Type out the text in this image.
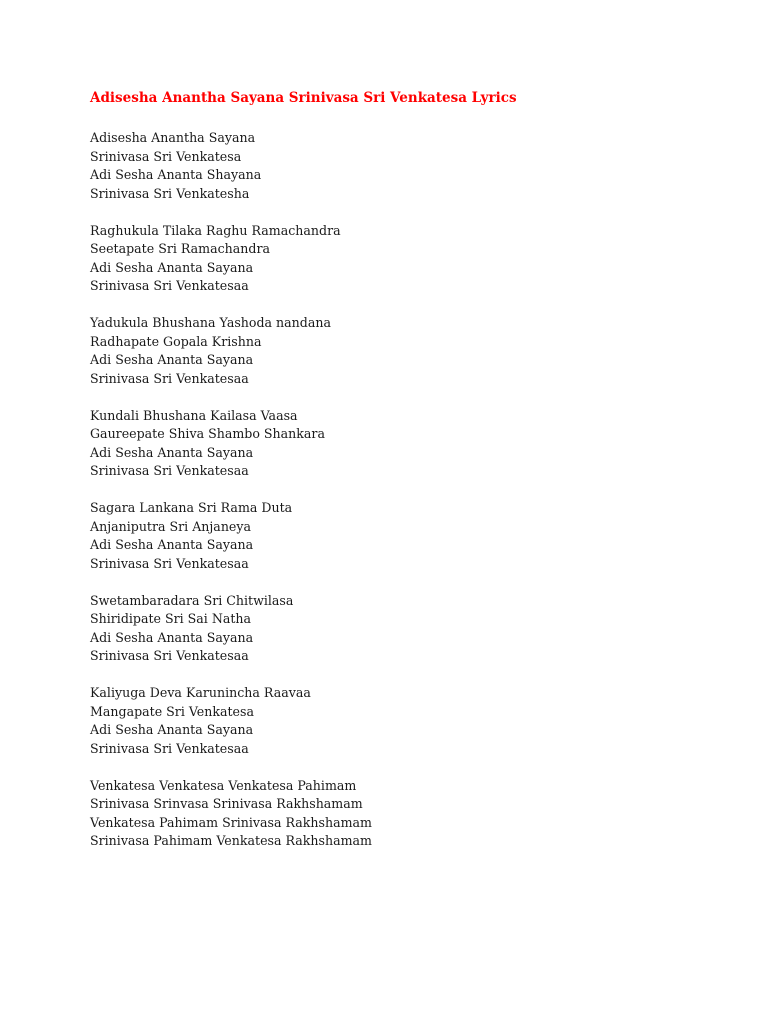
Adisesha Anantha Sayana Srinivasa Sri Venkatesa Lyrics
Adisesha Anantha Sayana
Srinivasa Sri Venkatesa
Adi Sesha Ananta Shayana
Srinivasa Sri Venkatesha
Raghukula Tilaka Raghu Ramachandra
Seetapate Sri Ramachandra
Adi Sesha Ananta Sayana
Srinivasa Sri Venkatesaa
Yadukula Bhushana Yashoda nandana
Radhapate Gopala Krishna
Adi Sesha Ananta Sayana
Srinivasa Sri Venkatesaa
Kundali Bhushana Kailasa Vaasa
Gaureepate Shiva Shambo Shankara
Adi Sesha Ananta Sayana
Srinivasa Sri Venkatesaa
Sagara Lankana Sri Rama Duta
Anjaniputra Sri Anjaneya
Adi Sesha Ananta Sayana
Srinivasa Sri Venkatesaa
Swetambaradara Sri Chitwilasa
Shiridipate Sri Sai Natha
Adi Sesha Ananta Sayana
Srinivasa Sri Venkatesaa
Kaliyuga Deva Karunincha Raavaa
Mangapate Sri Venkatesa
Adi Sesha Ananta Sayana
Srinivasa Sri Venkatesaa
Venkatesa Venkatesa Venkatesa Pahimam
Srinivasa Srinvasa Srinivasa Rakhshamam
Venkatesa Pahimam Srinivasa Rakhshamam
Srinivasa Pahimam Venkatesa Rakhshamam
